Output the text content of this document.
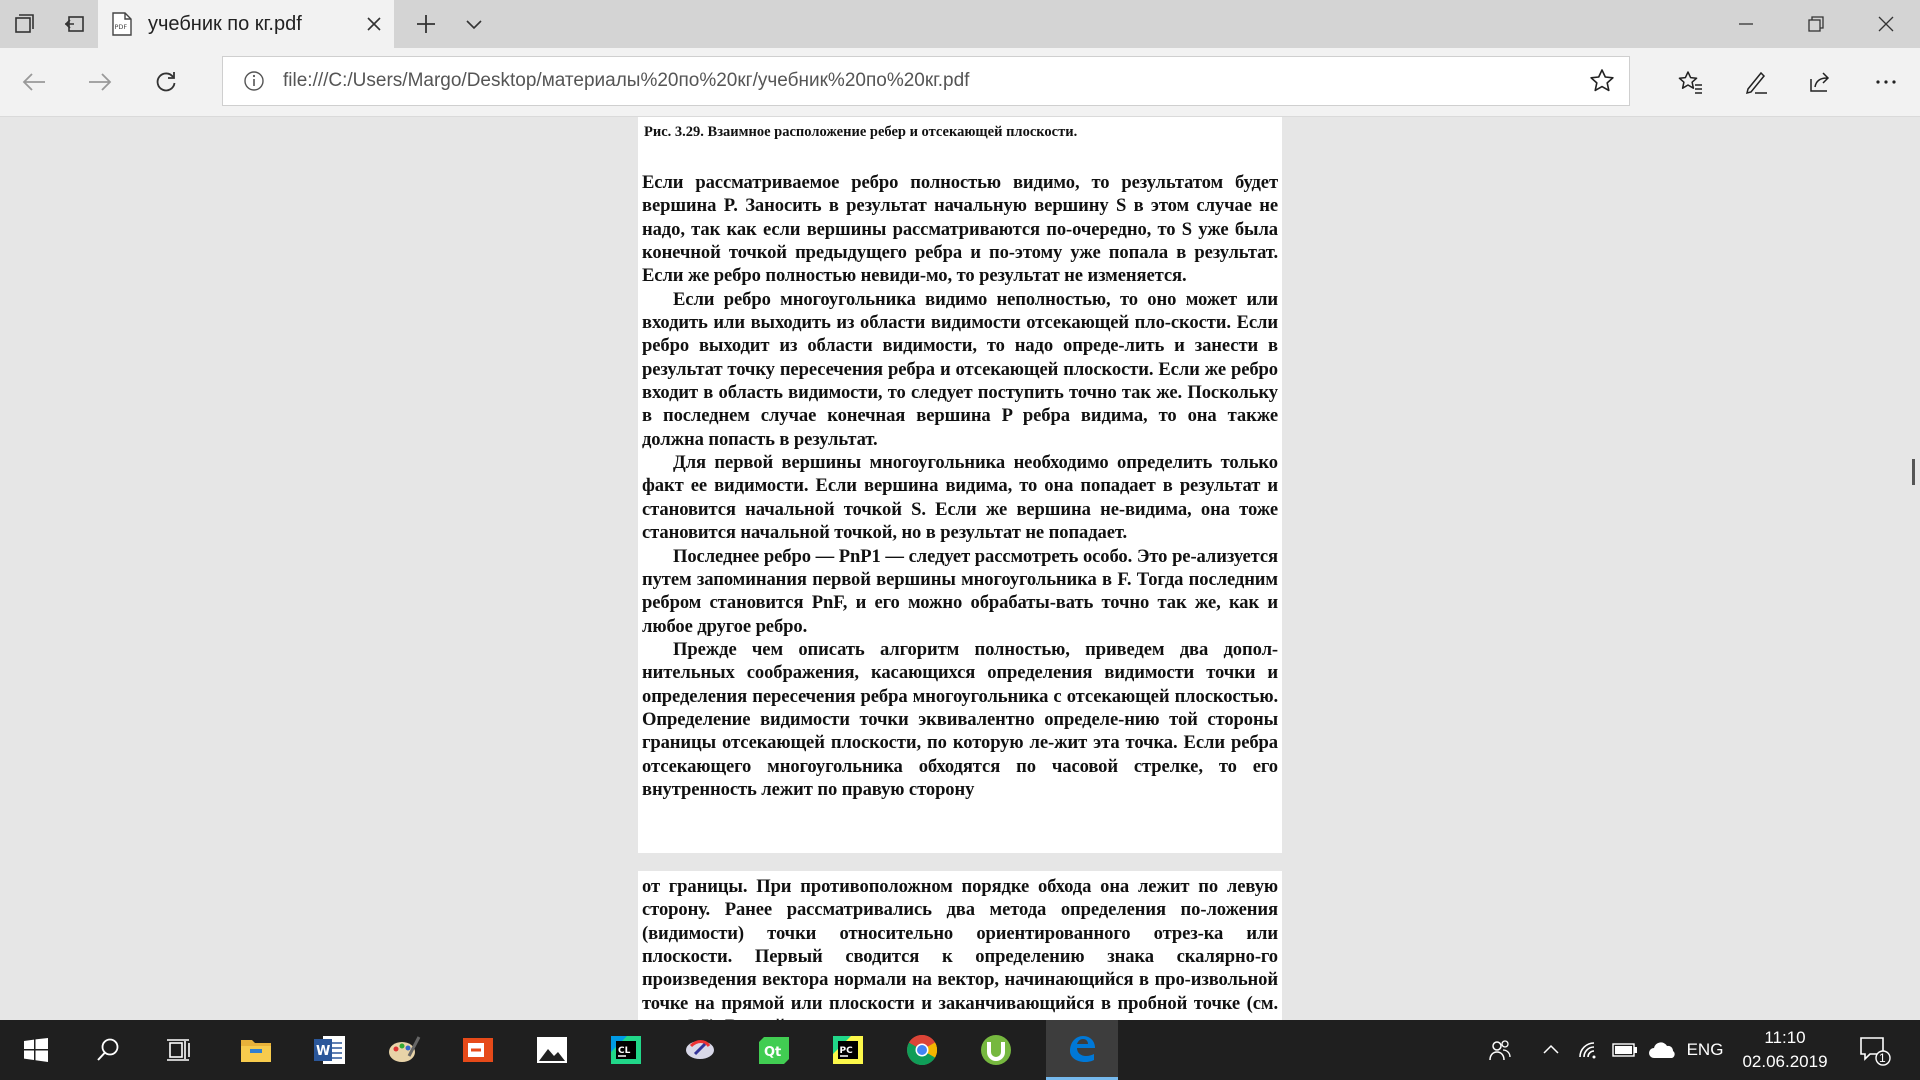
PDF учебник по кг.pdf
file:///C:/Users/Margo/Desktop/материалы%20по%20кг/учебник%20по%20кг.pdf
Рис. 3.29. Взаимное расположение ребер и отсекающей плоскости.

Если рассматриваемое ребро полностью видимо, то результатом будет вершина P. Заносить в результат начальную вершину S в этом случае не надо, так как если вершины рассматриваются по-очередно, то S уже была конечной точкой предыдущего ребра и по-этому уже попала в результат. Если же ребро полностью невиди-мо, то результат не изменяется.

Если ребро многоугольника видимо неполностью, то оно может или входить или выходить из области видимости отсекающей пло-скости. Если ребро выходит из области видимости, то надо опреде-лить и занести в результат точку пересечения ребра и отсекающей плоскости. Если же ребро входит в область видимости, то следует поступить точно так же. Поскольку в последнем случае конечная вершина P ребра видима, то она также должна попасть в результат.

Для первой вершины многоугольника необходимо определить только факт ее видимости. Если вершина видима, то она попадает в результат и становится начальной точкой S. Если же вершина не-видима, она тоже становится начальной точкой, но в результат не попадает.

Последнее ребро — PnP1 — следует рассмотреть особо. Это ре-ализуется путем запоминания первой вершины многоугольника в F. Тогда последним ребром становится PnF, и его можно обрабаты-вать точно так же, как и любое другое ребро.

Прежде чем описать алгоритм полностью, приведем два допол-нительных соображения, касающихся определения видимости точки и определения пересечения ребра многоугольника с отсекающей плоскостью. Определение видимости точки эквивалентно определе-нию той стороны границы отсекающей плоскости, по которую ле-жит эта точка. Если ребра отсекающего многоугольника обходятся по часовой стрелке, то его внутренность лежит по правую сторону

от границы. При противоположном порядке обхода она лежит по левую сторону. Ранее рассматривались два метода определения по-ложения (видимости) точки относительно ориентированного отрез-ка или плоскости. Первый сводится к определению знака скалярно-го произведения вектора нормали на вектор, начинающийся в про-извольной точке на прямой или плоскости и заканчивающийся в пробной точке (см.

W	CL	Qt	PC	ENG
11:10
02.06.2019	1
